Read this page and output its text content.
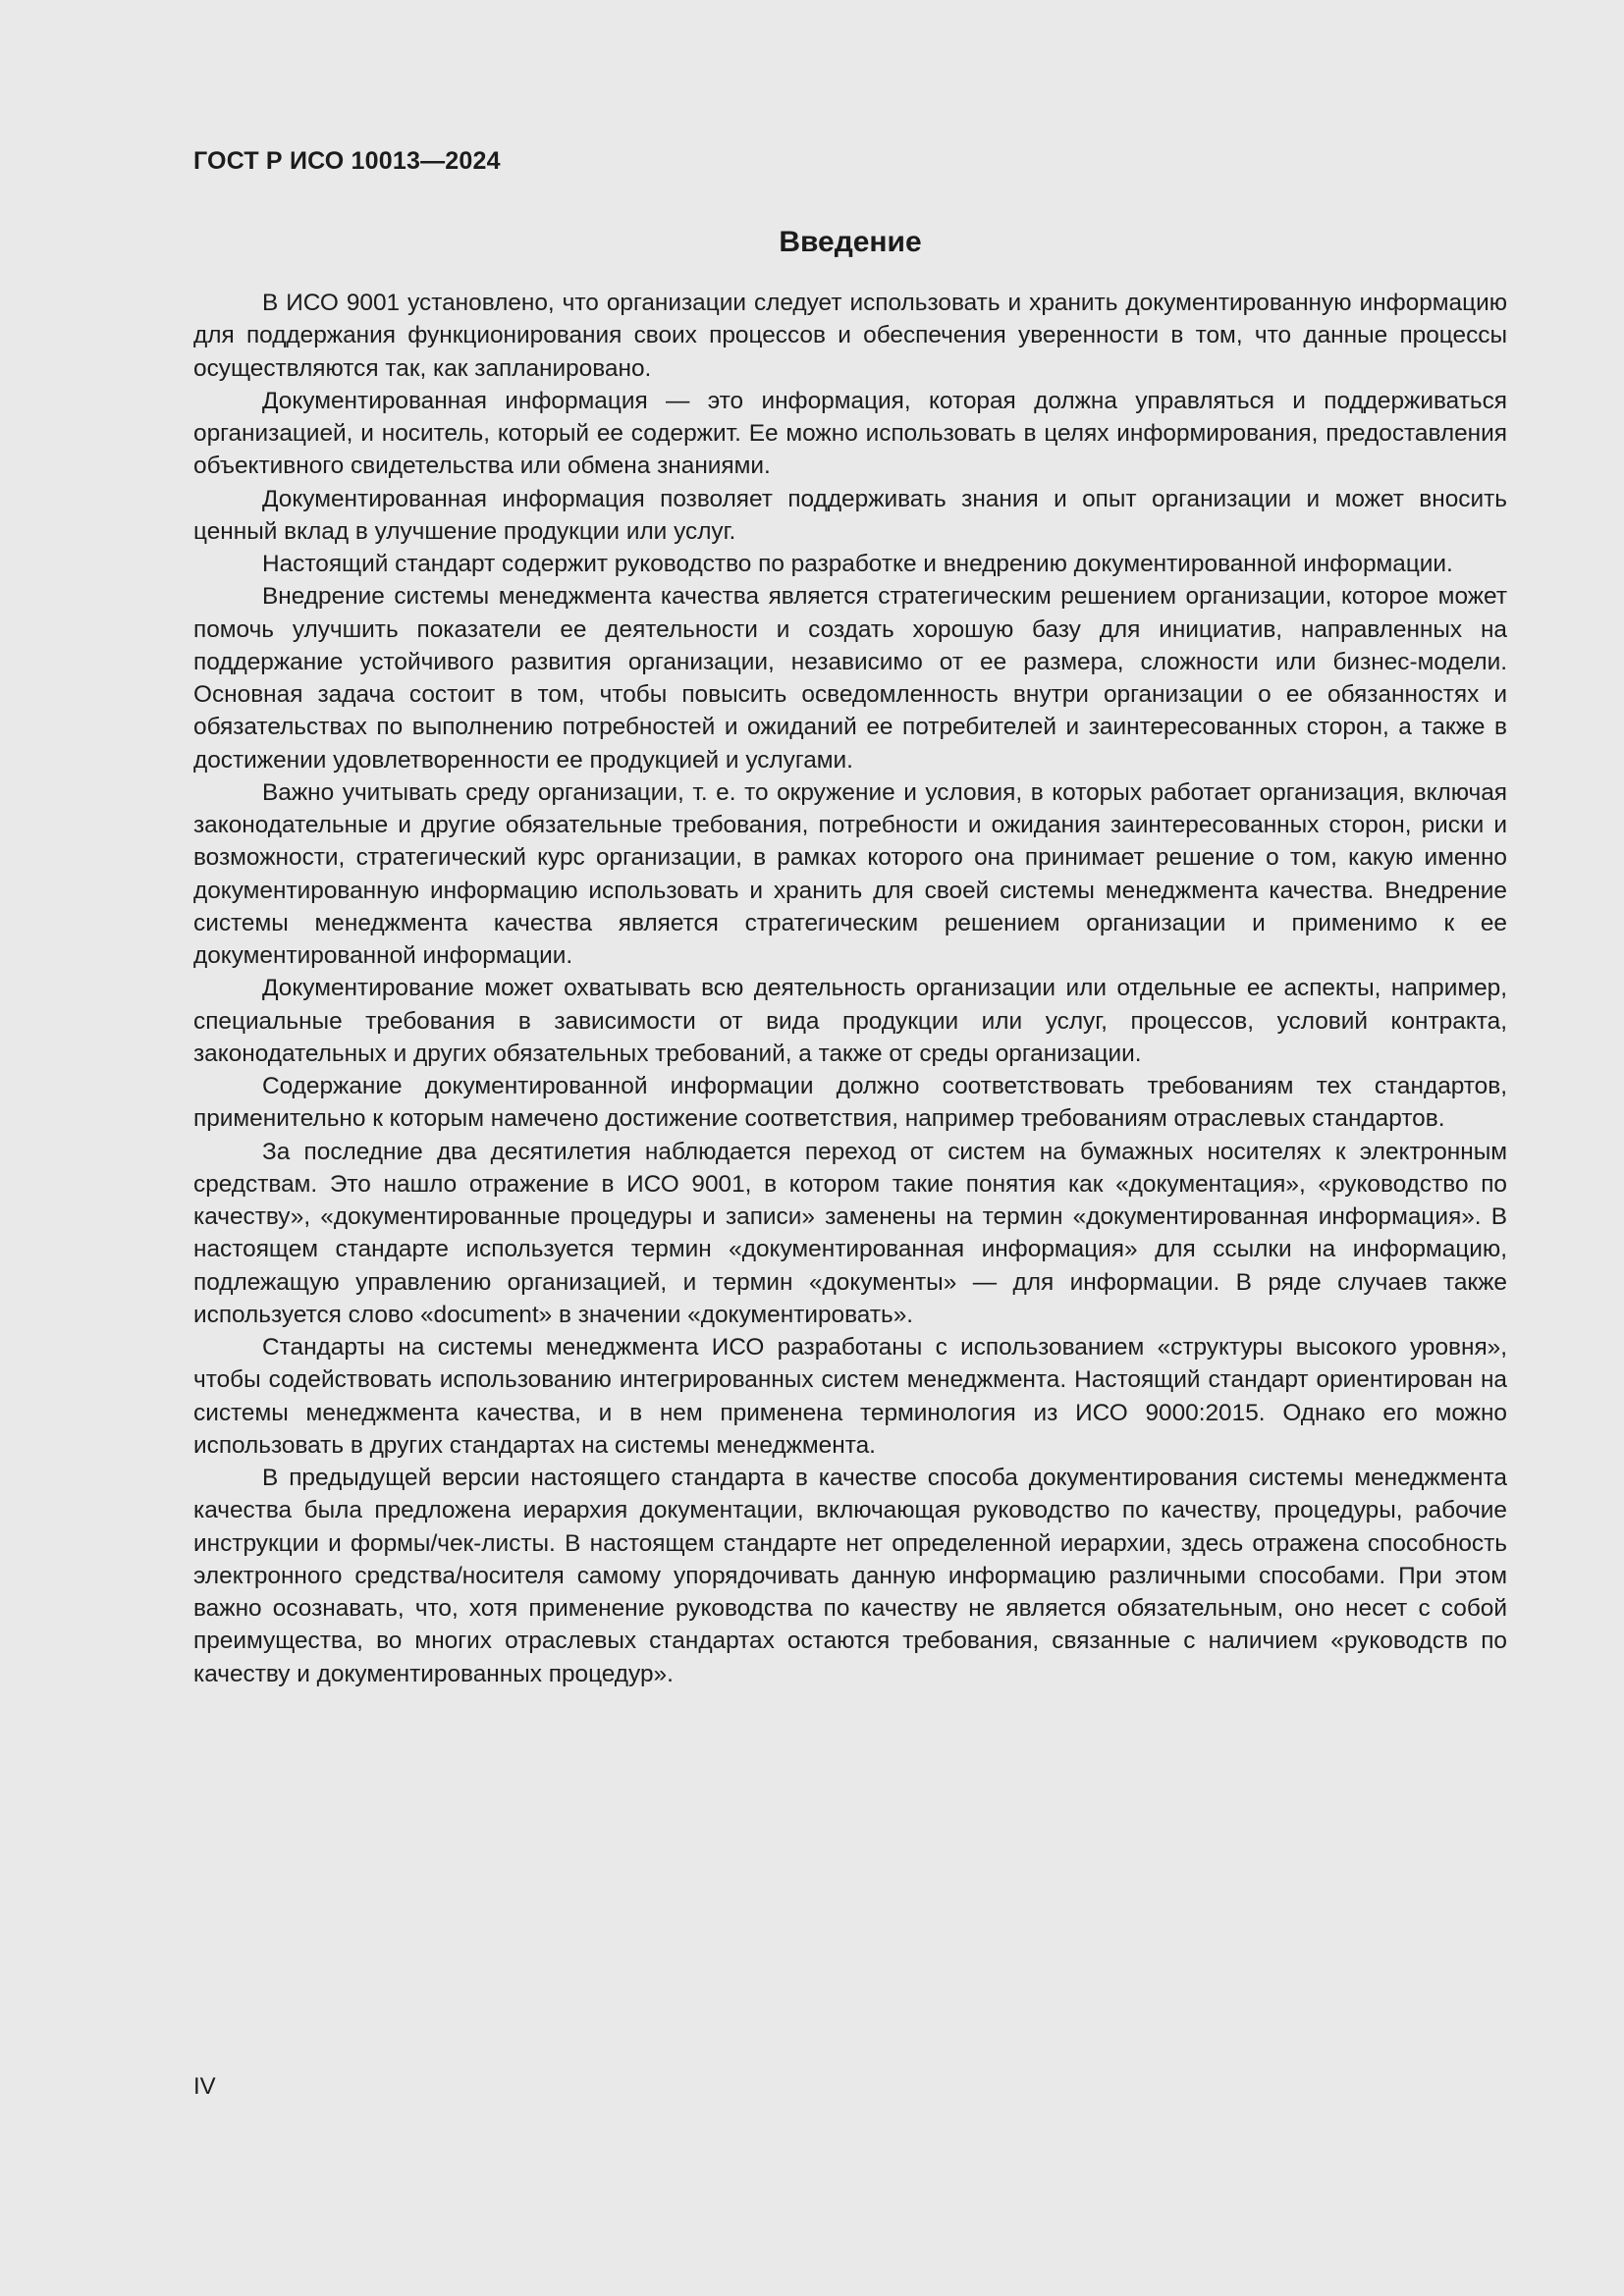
ГОСТ Р ИСО 10013—2024

Введение

В ИСО 9001 установлено, что организации следует использовать и хранить документированную информацию для поддержания функционирования своих процессов и обеспечения уверенности в том, что данные процессы осуществляются так, как запланировано.

Документированная информация — это информация, которая должна управляться и поддерживаться организацией, и носитель, который ее содержит. Ее можно использовать в целях информирования, предоставления объективного свидетельства или обмена знаниями.

Документированная информация позволяет поддерживать знания и опыт организации и может вносить ценный вклад в улучшение продукции или услуг.

Настоящий стандарт содержит руководство по разработке и внедрению документированной информации.

Внедрение системы менеджмента качества является стратегическим решением организации, которое может помочь улучшить показатели ее деятельности и создать хорошую базу для инициатив, направленных на поддержание устойчивого развития организации, независимо от ее размера, сложности или бизнес-модели. Основная задача состоит в том, чтобы повысить осведомленность внутри организации о ее обязанностях и обязательствах по выполнению потребностей и ожиданий ее потребителей и заинтересованных сторон, а также в достижении удовлетворенности ее продукцией и услугами.

Важно учитывать среду организации, т. е. то окружение и условия, в которых работает организация, включая законодательные и другие обязательные требования, потребности и ожидания заинтересованных сторон, риски и возможности, стратегический курс организации, в рамках которого она принимает решение о том, какую именно документированную информацию использовать и хранить для своей системы менеджмента качества. Внедрение системы менеджмента качества является стратегическим решением организации и применимо к ее документированной информации.

Документирование может охватывать всю деятельность организации или отдельные ее аспекты, например, специальные требования в зависимости от вида продукции или услуг, процессов, условий контракта, законодательных и других обязательных требований, а также от среды организации.

Содержание документированной информации должно соответствовать требованиям тех стандартов, применительно к которым намечено достижение соответствия, например требованиям отраслевых стандартов.

За последние два десятилетия наблюдается переход от систем на бумажных носителях к электронным средствам. Это нашло отражение в ИСО 9001, в котором такие понятия как «документация», «руководство по качеству», «документированные процедуры и записи» заменены на термин «документированная информация». В настоящем стандарте используется термин «документированная информация» для ссылки на информацию, подлежащую управлению организацией, и термин «документы» — для информации. В ряде случаев также используется слово «document» в значении «документировать».

Стандарты на системы менеджмента ИСО разработаны с использованием «структуры высокого уровня», чтобы содействовать использованию интегрированных систем менеджмента. Настоящий стандарт ориентирован на системы менеджмента качества, и в нем применена терминология из ИСО 9000:2015. Однако его можно использовать в других стандартах на системы менеджмента.

В предыдущей версии настоящего стандарта в качестве способа документирования системы менеджмента качества была предложена иерархия документации, включающая руководство по качеству, процедуры, рабочие инструкции и формы/чек-листы. В настоящем стандарте нет определенной иерархии, здесь отражена способность электронного средства/носителя самому упорядочивать данную информацию различными способами. При этом важно осознавать, что, хотя применение руководства по качеству не является обязательным, оно несет с собой преимущества, во многих отраслевых стандартах остаются требования, связанные с наличием «руководств по качеству и документированных процедур».

IV
